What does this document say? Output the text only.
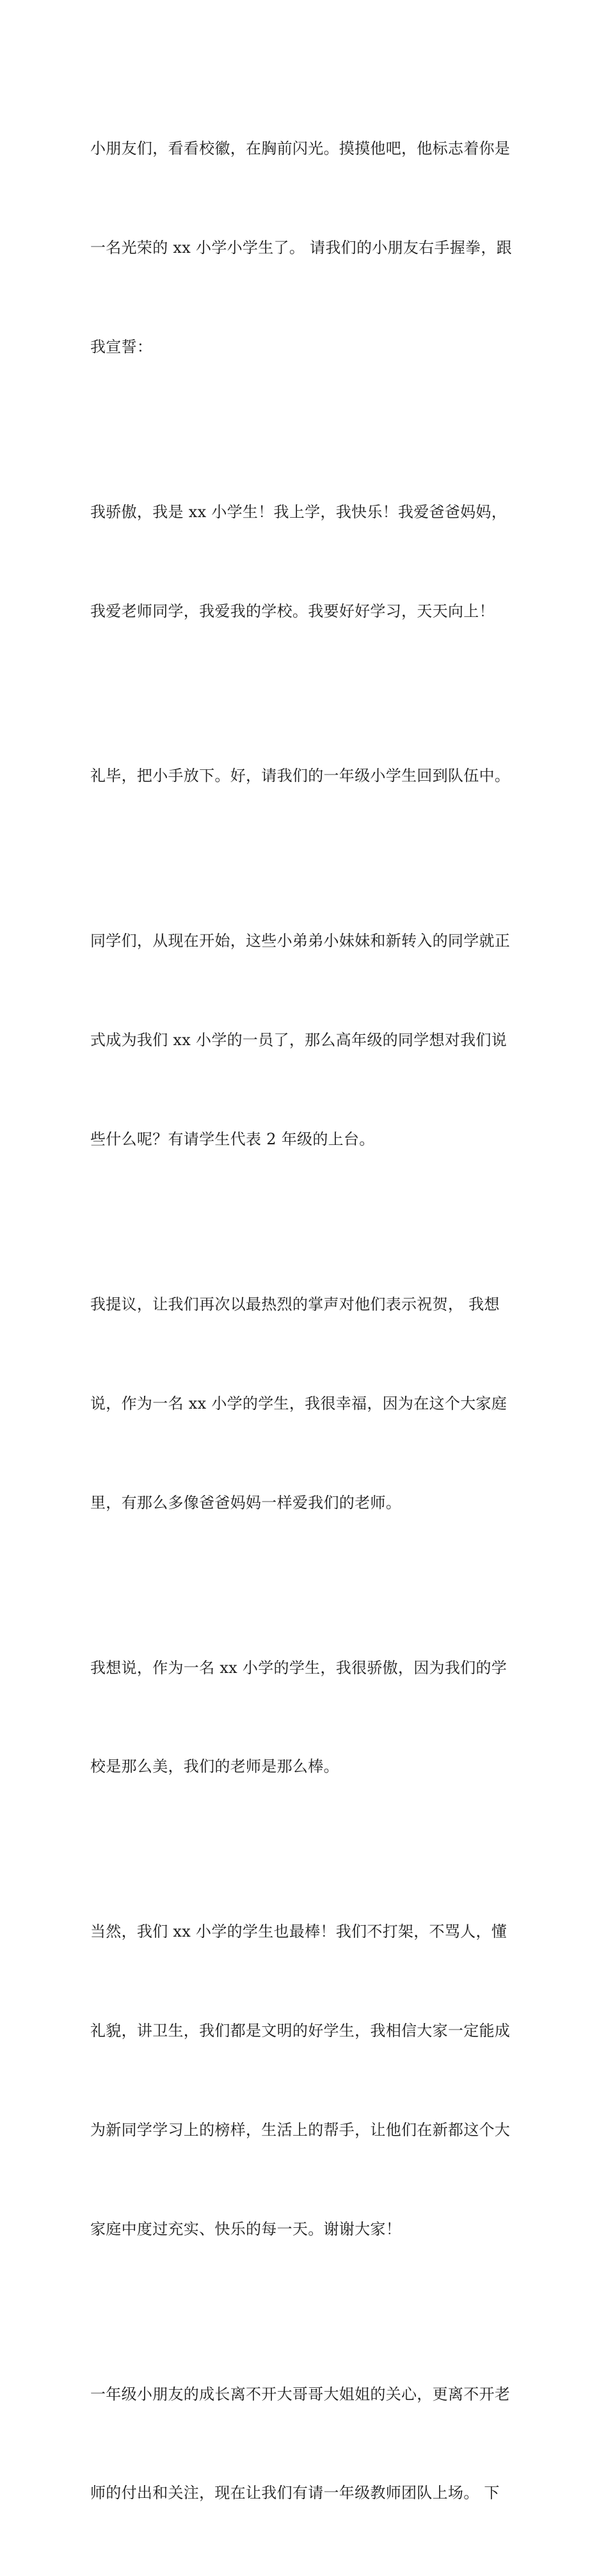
小朋友们，看看校徽，在胸前闪光。摸摸他吧，他标志着你是

一名光荣的 xx 小学小学生了。 请我们的小朋友右手握拳，跟

我宣誓：

我骄傲，我是 xx 小学生！我上学，我快乐！我爱爸爸妈妈，

我爱老师同学，我爱我的学校。我要好好学习，天天向上！

礼毕，把小手放下。好，请我们的一年级小学生回到队伍中。

同学们，从现在开始，这些小弟弟小妹妹和新转入的同学就正

式成为我们 xx 小学的一员了，那么高年级的同学想对我们说

些什么呢？有请学生代表 2 年级的上台。

我提议，让我们再次以最热烈的掌声对他们表示祝贺， 我想

说，作为一名 xx 小学的学生，我很幸福，因为在这个大家庭

里，有那么多像爸爸妈妈一样爱我们的老师。

我想说，作为一名 xx 小学的学生，我很骄傲，因为我们的学

校是那么美，我们的老师是那么棒。

当然，我们 xx 小学的学生也最棒！我们不打架，不骂人，懂

礼貌，讲卫生，我们都是文明的好学生，我相信大家一定能成

为新同学学习上的榜样，生活上的帮手，让他们在新都这个大

家庭中度过充实、快乐的每一天。谢谢大家！

一年级小朋友的成长离不开大哥哥大姐姐的关心，更离不开老

师的付出和关注，现在让我们有请一年级教师团队上场。 下
